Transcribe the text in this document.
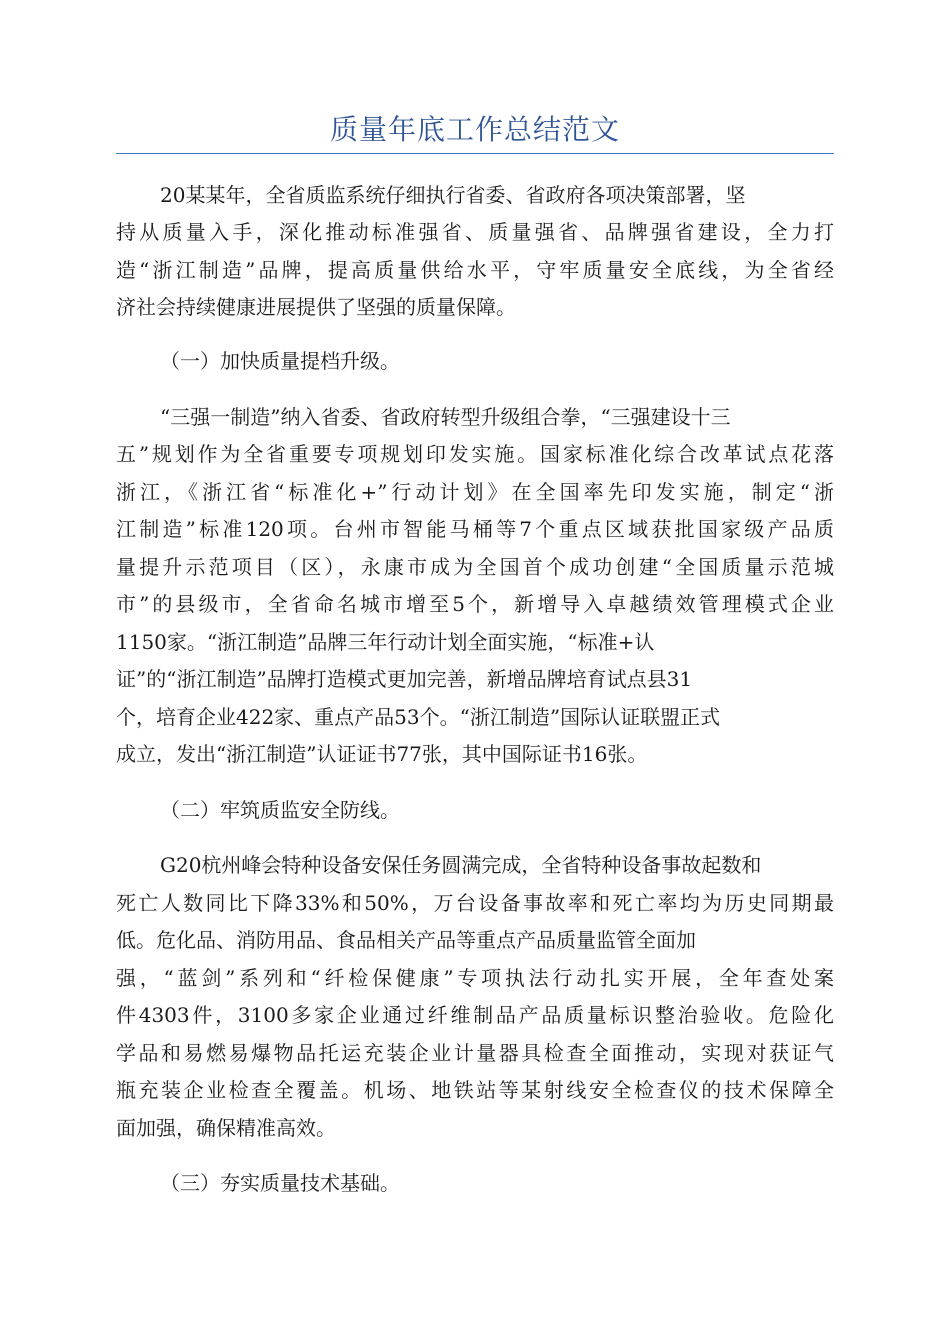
质量年底工作总结范文

20某某年，全省质监系统仔细执行省委、省政府各项决策部署，坚

持从质量入手，深化推动标准强省、质量强省、品牌强省建设，全力打

造“浙江制造”品牌，提高质量供给水平，守牢质量安全底线，为全省经

济社会持续健康进展提供了坚强的质量保障。

（一）加快质量提档升级。

“三强一制造”纳入省委、省政府转型升级组合拳，“三强建设十三

五”规划作为全省重要专项规划印发实施。国家标准化综合改革试点花落

浙江，《浙江省“标准化+”行动计划》在全国率先印发实施，制定“浙

江制造”标准120项。台州市智能马桶等7个重点区域获批国家级产品质

量提升示范项目（区），永康市成为全国首个成功创建“全国质量示范城

市”的县级市，全省命名城市增至5个，新增导入卓越绩效管理模式企业

1150家。“浙江制造”品牌三年行动计划全面实施，“标准+认

证”的“浙江制造”品牌打造模式更加完善，新增品牌培育试点县31

个，培育企业422家、重点产品53个。“浙江制造”国际认证联盟正式

成立，发出“浙江制造”认证证书77张，其中国际证书16张。

（二）牢筑质监安全防线。

G20杭州峰会特种设备安保任务圆满完成，全省特种设备事故起数和

死亡人数同比下降33%和50%，万台设备事故率和死亡率均为历史同期最

低。危化品、消防用品、食品相关产品等重点产品质量监管全面加

强，“蓝剑”系列和“纤检保健康”专项执法行动扎实开展，全年查处案

件4303件，3100多家企业通过纤维制品产品质量标识整治验收。危险化

学品和易燃易爆物品托运充装企业计量器具检查全面推动，实现对获证气

瓶充装企业检查全覆盖。机场、地铁站等某射线安全检查仪的技术保障全

面加强，确保精准高效。

（三）夯实质量技术基础。
